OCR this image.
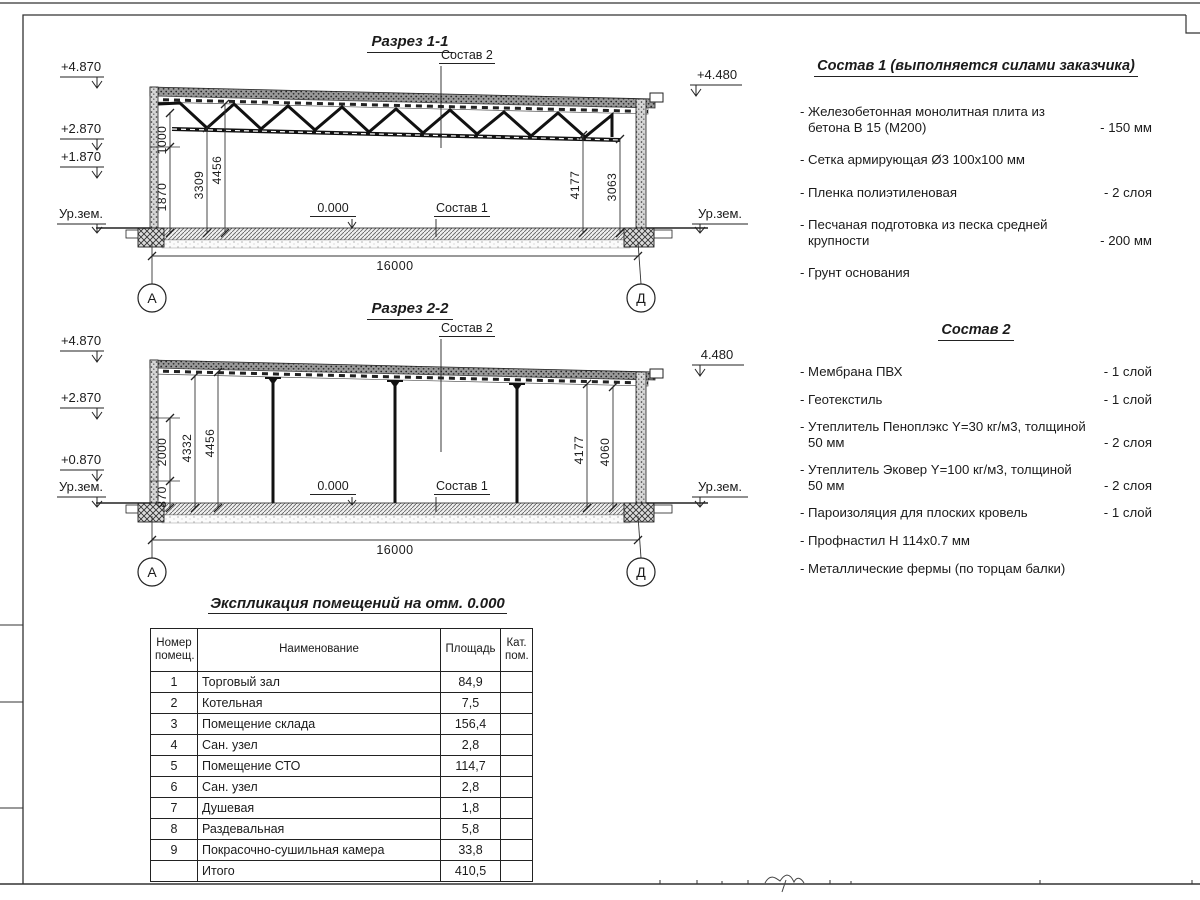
Разрез 1-1
Состав 2
Состав 1
0.000
+4.870
+2.870
+1.870
Ур.зем.
+4.480
Ур.зем.
1870
1000
3309
4456
4177 3063
16000
А	Д
Разрез 2-2
Состав 2
Состав 1
0.000
+4.870
+2.870
+0.870
Ур.зем.
4.480
Ур.зем.
870
2000 4332 4456	4177 4060
16000
А	Д
Состав 1 (выполняется силами заказчика)
- Железобетонная монолитная плита из бетона В 15 (М200)	- 150 мм
- Сетка армирующая Ø3 100х100 мм
- Пленка полиэтиленовая	- 2 слоя
- Песчаная подготовка из песка средней крупности	- 200 мм
- Грунт основания
Состав 2
- Мембрана ПВХ	- 1 слой
- Геотекстиль	- 1 слой
- Утеплитель Пеноплэкс Y=30 кг/м3, толщиной 50 мм	- 2 слоя
- Утеплитель Эковер Y=100 кг/м3, толщиной 50 мм	- 2 слоя
- Пароизоляция для плоских кровель	- 1 слой
- Профнастил Н 114х0.7 мм
- Металлические фермы (по торцам балки)
Экспликация помещений на отм. 0.000
Номер помещ.	Наименование	Площадь	Кат. пом.
1	Торговый зал	84,9	
2	Котельная	7,5	
3	Помещение склада	156,4	
4	Сан. узел	2,8	
5	Помещение СТО	114,7	
6	Сан. узел	2,8	
7	Душевая	1,8	
8	Раздевальная	5,8	
9	Покрасочно-сушильная камера	33,8	
	Итого	410,5	
